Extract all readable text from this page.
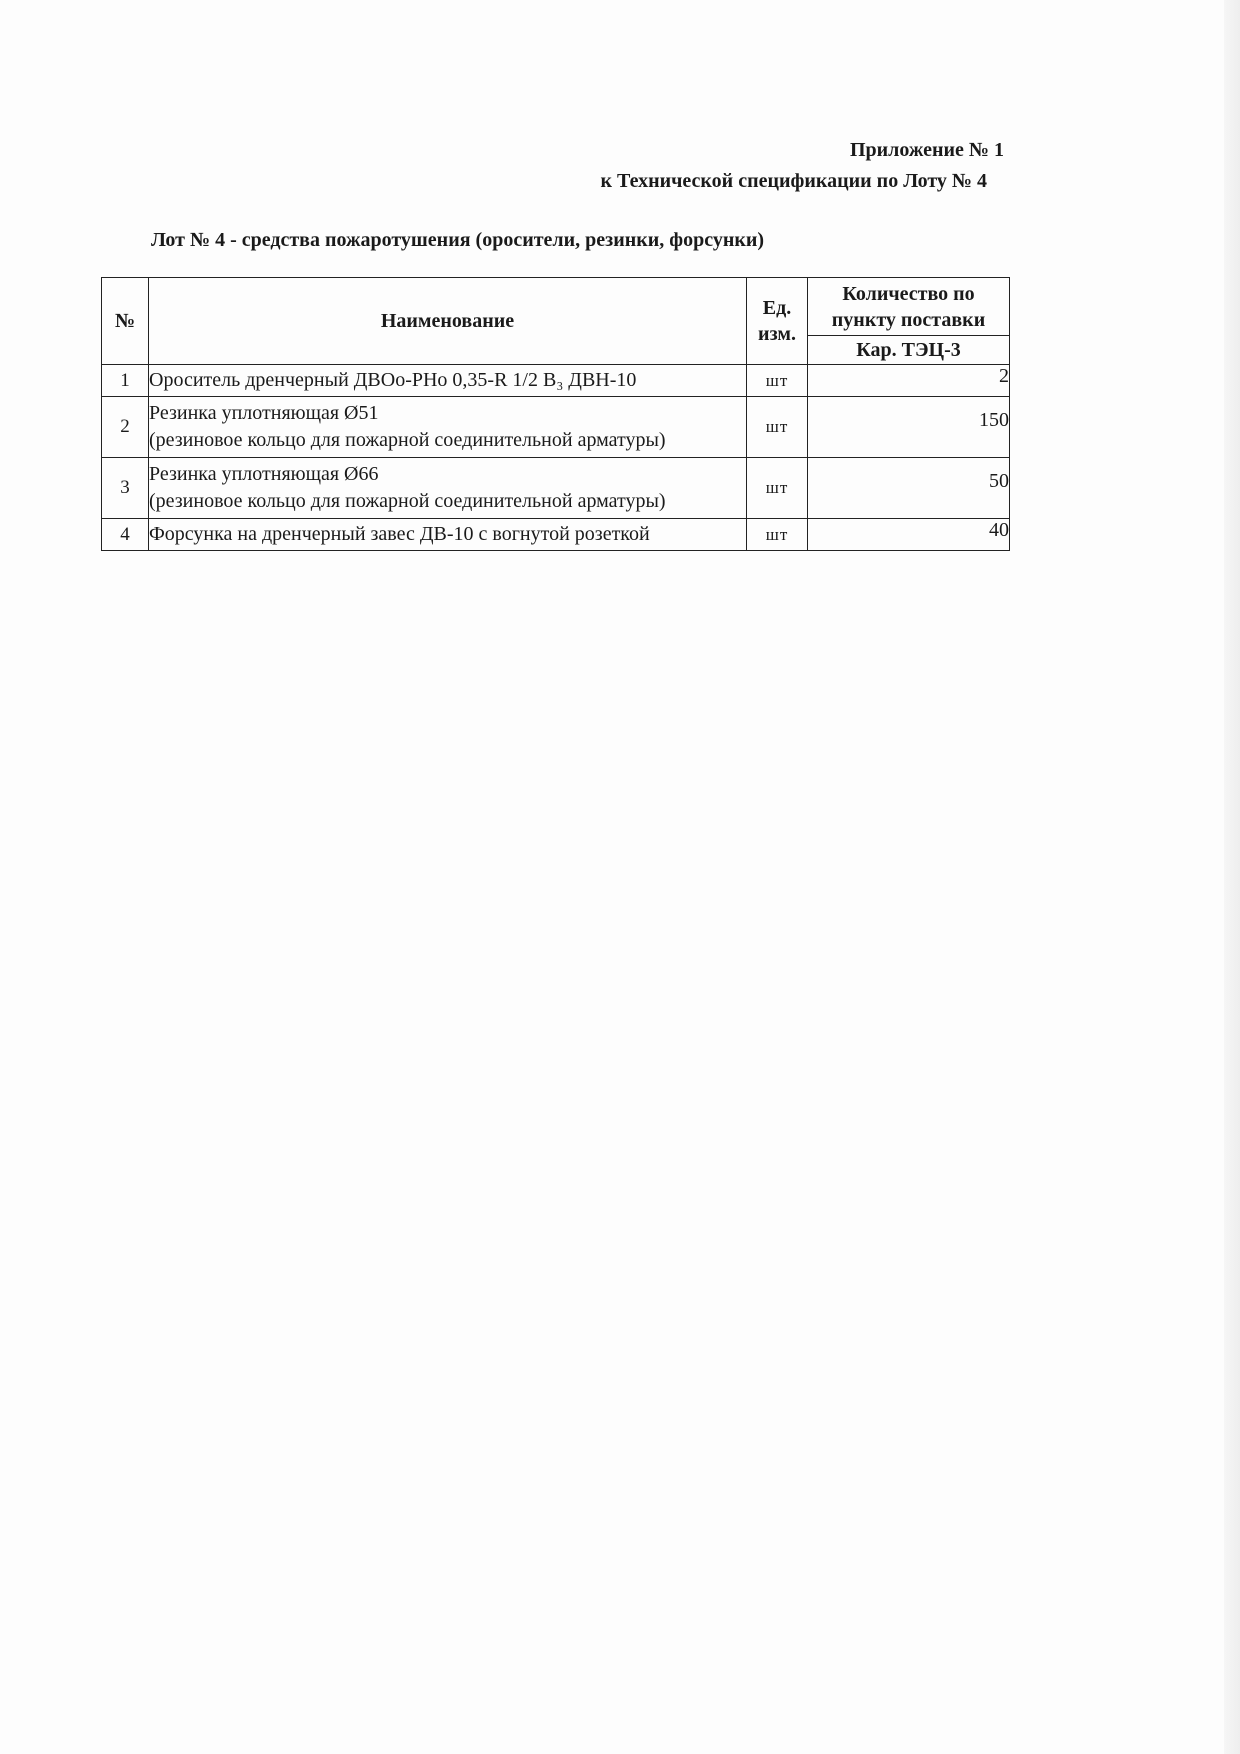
Приложение № 1
к Технической спецификации по Лоту № 4
Лот № 4 - средства пожаротушения (оросители, резинки, форсунки)
№	Наименование	Ед. изм.	Количество по пункту поставки
			Кар. ТЭЦ-3
1	Ороситель дренчерный ДВОо-РНо 0,35-R 1/2 В₃ ДВН-10	шт	2
2	Резинка уплотняющая Ø51
(резиновое кольцо для пожарной соединительной арматуры)	шт	150
3	Резинка уплотняющая Ø66
(резиновое кольцо для пожарной соединительной арматуры)	шт	50
4	Форсунка на дренчерный завес ДВ-10 с вогнутой розеткой	шт	40
